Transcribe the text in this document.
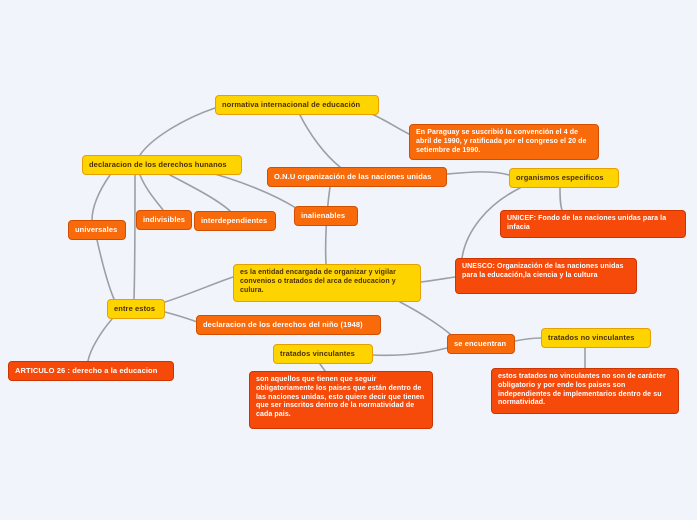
normativa internacional de educación
En Paraguay se suscribió la convención el 4 de abril de 1990, y ratificada por el congreso el 20 de setiembre de 1990.
declaracion de los derechos hunanos
O.N.U organización de las naciones unidas	organismos especificos
indivisibles	interdependientes
inalienables	UNICEF: Fondo de las naciones unidas para la infacia
universales
es la entidad encargada de organizar y vigilar convenios o tratados del arca de educacion y culura.
UNESCO: Organización de las naciones unidas para la educación,la ciencia y la cultura
entre estos
declaracion de los derechos del niño (1948)
tratados no vinculantes
se encuentran
tratados vinculantes
ARTICULO 26 : derecho a la educacion
son aquellos que tienen que seguir obligatoriamente los paises que están dentro de las naciones unidas, esto quiere decir que tienen que ser inscritos dentro de la normatividad de cada pais.
estos tratados no vinculantes no son de carácter obligatorio y por ende los paises son independientes de implementarios dentro de su normatividad.
